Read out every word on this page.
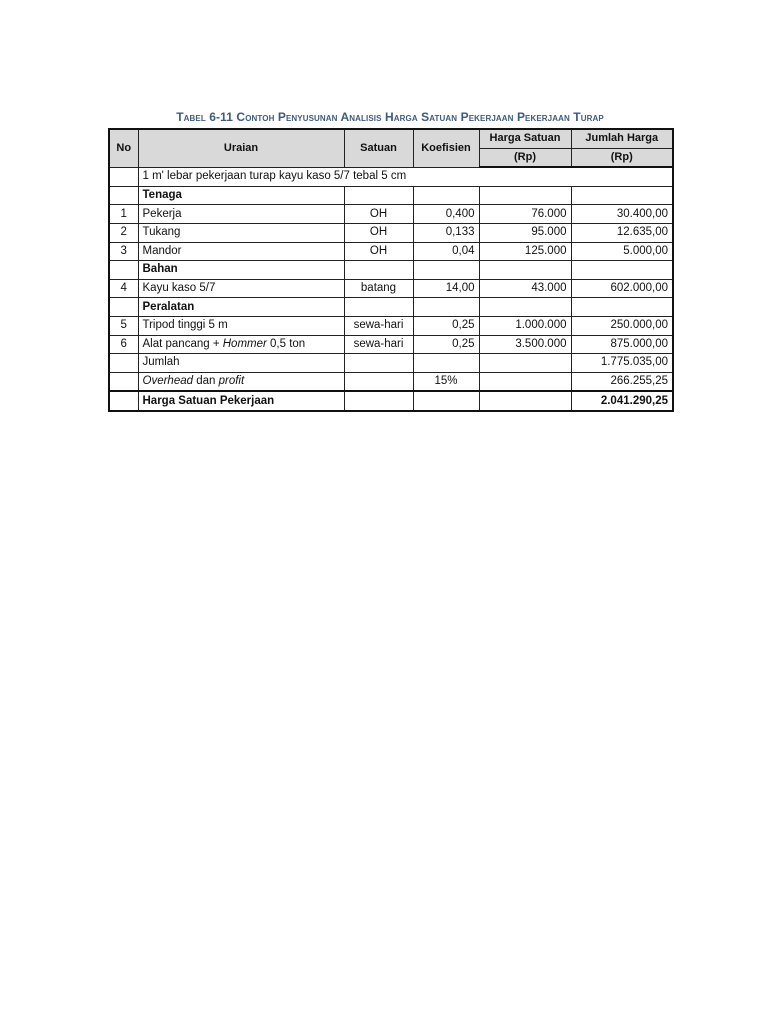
Tabel 6-11 Contoh Penyusunan Analisis Harga Satuan Pekerjaan Pekerjaan Turap
No	Uraian	Satuan	Koefisien	Harga Satuan	Jumlah Harga
				(Rp)	(Rp)
	1 m' lebar pekerjaan turap kayu kaso 5/7 tebal 5 cm				
	Tenaga				
1	Pekerja	OH	0,400	76.000	30.400,00
2	Tukang	OH	0,133	95.000	12.635,00
3	Mandor	OH	0,04	125.000	5.000,00
	Bahan				
4	Kayu kaso 5/7	batang	14,00	43.000	602.000,00
	Peralatan				
5	Tripod tinggi 5 m	sewa-hari	0,25	1.000.000	250.000,00
6	Alat pancang + Hommer 0,5 ton	sewa-hari	0,25	3.500.000	875.000,00
	Jumlah				1.775.035,00
	Overhead dan profit		15%		266.255,25
	Harga Satuan Pekerjaan				2.041.290,25
